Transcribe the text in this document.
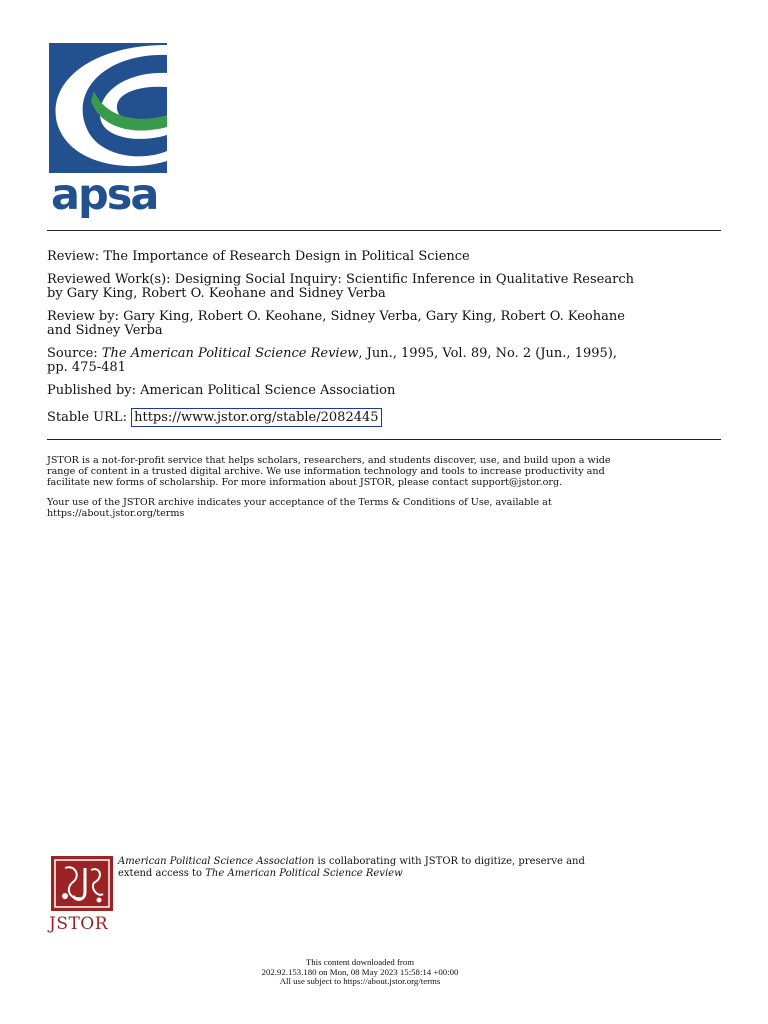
apsa

Review: The Importance of Research Design in Political Science

Reviewed Work(s): Designing Social Inquiry: Scientific Inference in Qualitative Research
by Gary King, Robert O. Keohane and Sidney Verba

Review by: Gary King, Robert O. Keohane, Sidney Verba, Gary King, Robert O. Keohane
and Sidney Verba

Source: The American Political Science Review, Jun., 1995, Vol. 89, No. 2 (Jun., 1995),
pp. 475-481

Published by: American Political Science Association

Stable URL: https://www.jstor.org/stable/2082445

JSTOR is a not-for-profit service that helps scholars, researchers, and students discover, use, and build upon a wide
range of content in a trusted digital archive. We use information technology and tools to increase productivity and
facilitate new forms of scholarship. For more information about JSTOR, please contact support@jstor.org.

Your use of the JSTOR archive indicates your acceptance of the Terms & Conditions of Use, available at
https://about.jstor.org/terms

JSTOR

American Political Science Association is collaborating with JSTOR to digitize, preserve and
extend access to The American Political Science Review

This content downloaded from

202.92.153.180 on Mon, 08 May 2023 15:58:14 +00:00

All use subject to https://about.jstor.org/terms
